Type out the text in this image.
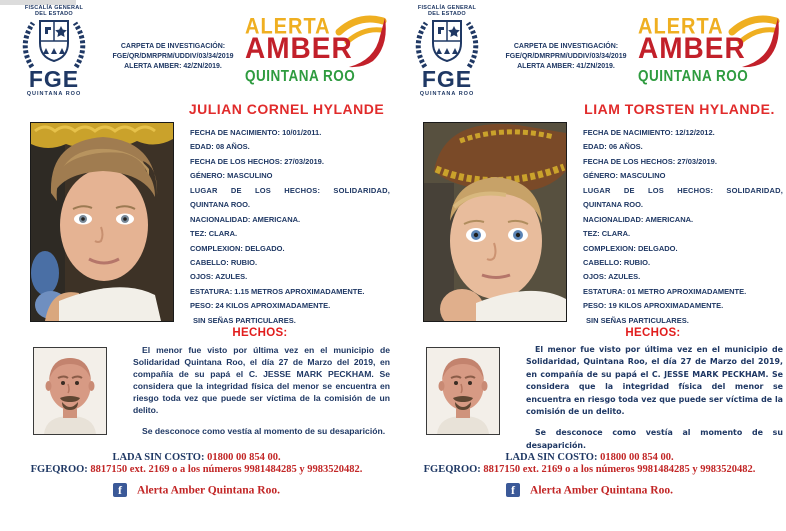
FISCALÍA GENERAL
DEL ESTADO
FGE
QUINTANA ROO
CARPETA DE INVESTIGACIÓN:
FGE/QR/DMRPRM/UDDIV/03/34/2019
ALERTA AMBER: 42/ZN/2019.
ALERTA
AMBER
QUINTANA ROO
JULIAN CORNEL HYLANDE
FECHA DE NACIMIENTO: 10/01/2011.
EDAD: 08 AÑOS.
FECHA DE LOS HECHOS: 27/03/2019.
GÉNERO: MASCULINO
LUGAR DE LOS HECHOS: SOLIDARIDAD,
QUINTANA ROO.
NACIONALIDAD: AMERICANA.
TEZ: CLARA.
COMPLEXION: DELGADO.
CABELLO: RUBIO.
OJOS: AZULES.
ESTATURA: 1.15 METROS APROXIMADAMENTE.
PESO: 24 KILOS APROXIMADAMENTE.
SIN SEÑAS PARTICULARES.
HECHOS:

El menor fue visto por última vez en el municipio de Solidaridad Quintana Roo, el día 27 de Marzo del 2019, en compañía de su papá el C. JESSE MARK PECKHAM. Se considera que la integridad física del menor se encuentra en riesgo toda vez que puede ser víctima de la comisión de un delito.

Se desconoce como vestía al momento de su desaparición.

LADA SIN COSTO: 01800 00 854 00.
FGEQROO: 8817150 ext. 2169 o a los números 9981484285 y 9983520482.
f Alerta Amber Quintana Roo.
FISCALÍA GENERAL
DEL ESTADO
FGE
QUINTANA ROO
CARPETA DE INVESTIGACIÓN:
FGE/QR/DMRPRM/UDDIV/03/34/2019
ALERTA AMBER: 41/ZN/2019.
ALERTA
AMBER
QUINTANA ROO
LIAM TORSTEN HYLANDE.
FECHA DE NACIMIENTO: 12/12/2012.
EDAD: 06 AÑOS.
FECHA DE LOS HECHOS: 27/03/2019.
GÉNERO: MASCULINO
LUGAR DE LOS HECHOS: SOLIDARIDAD,
QUINTANA ROO.
NACIONALIDAD: AMERICANA.
TEZ: CLARA.
COMPLEXION: DELGADO.
CABELLO: RUBIO.
OJOS: AZULES.
ESTATURA: 01 METRO APROXIMADAMENTE.
PESO: 19 KILOS APROXIMADAMENTE.
SIN SEÑAS PARTICULARES.
HECHOS:

El menor fue visto por última vez en el municipio de Solidaridad, Quintana Roo, el día 27 de Marzo del 2019, en compañía de su papá el C. JESSE MARK PECKHAM. Se considera que la integridad física del menor se encuentra en riesgo toda vez que puede ser víctima de la comisión de un delito.

Se desconoce como vestía al momento de su desaparición.

LADA SIN COSTO: 01800 00 854 00.
FGEQROO: 8817150 ext. 2169 o a los números 9981484285 y 9983520482.
f Alerta Amber Quintana Roo.
